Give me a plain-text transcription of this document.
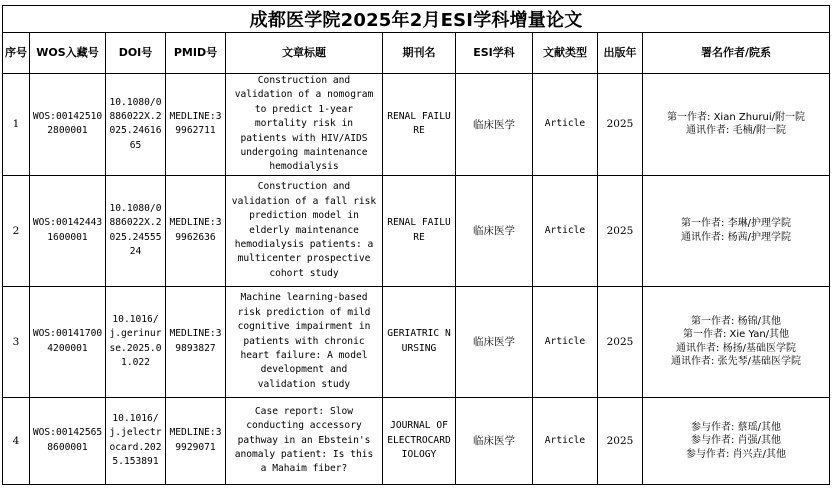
成都医学院2025年2月ESI学科增量论文									
序号	WOS入藏号	DOI号	PMID号	文章标题	期刊名	ESI学科	文献类型	出版年	署名作者/院系
1	WOS:001425102800001	10.1080/0886022X.2025.2461665	MEDLINE:39962711	Construction and validation of a nomogram to predict 1-year mortality risk in patients with HIV/AIDS undergoing maintenance hemodialysis	RENAL FAILURE	临床医学	Article	2025	第一作者: Xian Zhurui/附一院
通讯作者: 毛楠/附一院

2	WOS:001424431600001	10.1080/0886022X.2025.2455524	MEDLINE:39962636	Construction and validation of a fall risk prediction model in elderly maintenance hemodialysis patients: a multicenter prospective cohort study	RENAL FAILURE	临床医学	Article	2025	第一作者: 李琳/护理学院
通讯作者: 杨茜/护理学院

3	WOS:001417004200001	10.1016/j.gerinurse.2025.01.022	MEDLINE:39893827	Machine learning-based risk prediction of mild cognitive impairment in patients with chronic heart failure: A model development and validation study	GERIATRIC NURSING	临床医学	Article	2025	第一作者: 杨锦/其他
第一作者: Xie Yan/其他
通讯作者: 杨扬/基础医学院
通讯作者: 张先琴/基础医学院

4	WOS:001425658600001	10.1016/j.jelectrocard.2025.153891	MEDLINE:39929071	Case report: Slow conducting accessory pathway in an Ebstein's anomaly patient: Is this a Mahaim fiber?	JOURNAL OF ELECTROCARDIOLOGY	临床医学	Article	2025	参与作者: 蔡瑶/其他
参与作者: 肖强/其他
参与作者: 肖兴垚/其他
